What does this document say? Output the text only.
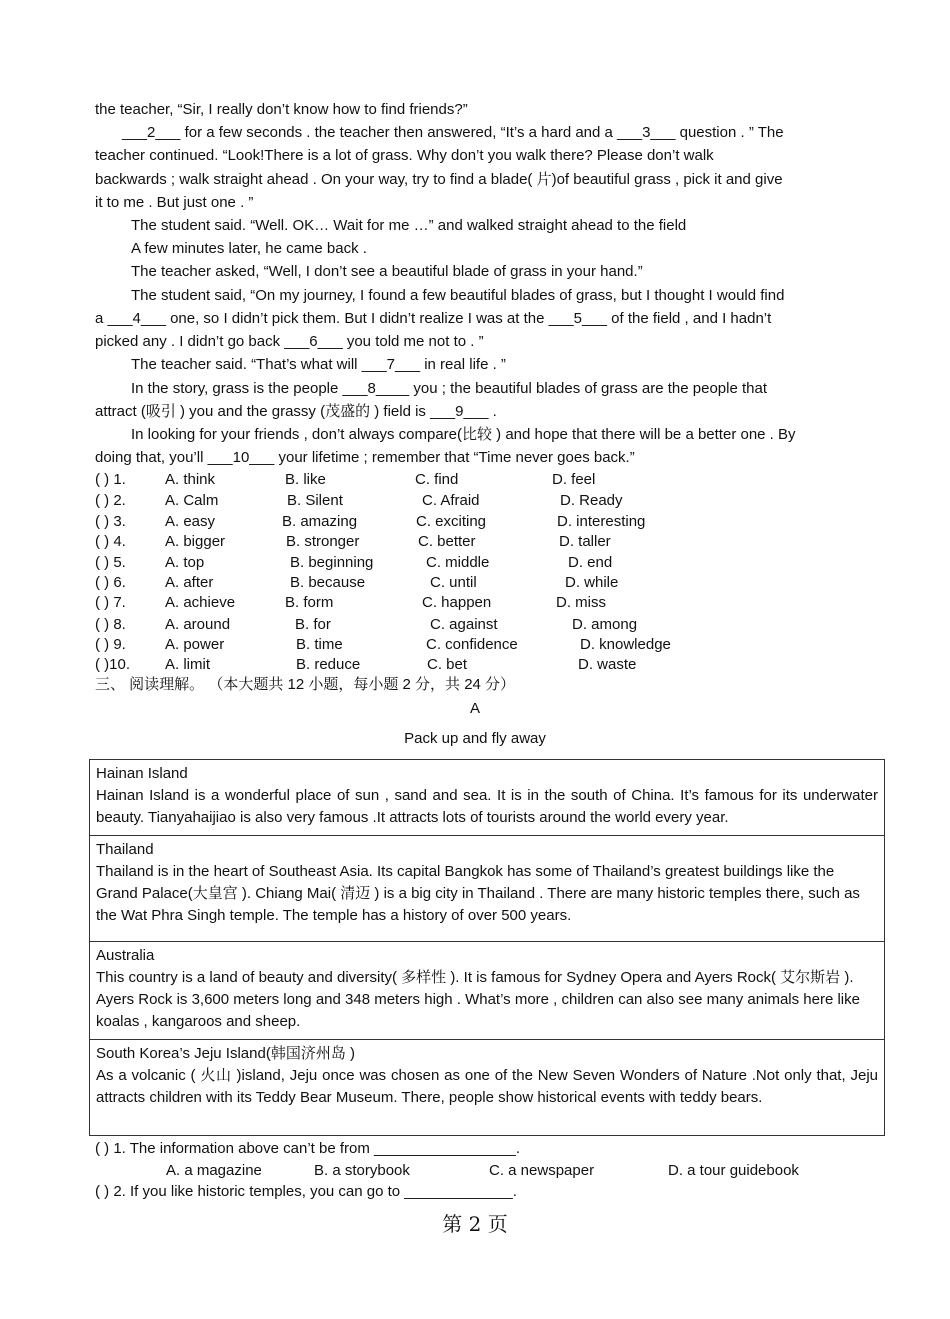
the teacher, “Sir, I really don’t know how to find friends?”
___2___ for a few seconds . the teacher then answered, “It’s a hard and a ___3___ question . ” The
teacher continued. “Look!There is a lot of grass. Why don’t you walk there? Please don’t walk
backwards ; walk straight ahead . On your way, try to find a blade( 片)of beautiful grass , pick it and give
it to me . But just one . ”
The student said. “Well. OK… Wait for me …” and walked straight ahead to the field
A few minutes later, he came back .
The teacher asked, “Well, I don’t see a beautiful blade of grass in your hand.”
The student said, “On my journey, I found a few beautiful blades of grass, but I thought I would find
a ___4___ one, so I didn’t pick them. But I didn’t realize I was at the ___5___ of the field , and I hadn’t
picked any . I didn’t go back ___6___ you told me not to . ”
The teacher said. “That’s what will ___7___ in real life . ”
In the story, grass is the people ___8____ you ; the beautiful blades of grass are the people that
attract (吸引 ) you and the grassy (茂盛的 ) field is ___9___ .
In looking for your friends , don’t always compare(比较 ) and hope that there will be a better one . By
doing that, you’ll ___10___ your lifetime ; remember that “Time never goes back.”
( ) 1.	A. think	B. like	C. find	D. feel
( ) 2.	A. Calm	B. Silent	C. Afraid	D. Ready
( ) 3.	A. easy	B. amazing	C. exciting	D. interesting
( ) 4.	A. bigger	B. stronger	C. better	D. taller
( ) 5.	A. top	B. beginning	C. middle	D. end
( ) 6.	A. after	B. because	C. until	D. while
( ) 7.	A. achieve	B. form	C. happen	D. miss
( ) 8.	A. around	B. for	C. against	D. among
( ) 9.	A. power	B. time	C. confidence	D. knowledge
( )10. A. limit	B. reduce	C. bet	D. waste
三、 阅读理解。 （本大题共 12 小题，每小题 2 分，共 24 分）
A
Pack up and fly away
Hainan Island
Hainan Island is a wonderful place of sun , sand and sea. It is in the south of China. It’s famous for its underwater beauty. Tianyahaijiao is also very famous .It attracts lots of tourists around the world every year.

Thailand
Thailand is in the heart of Southeast Asia. Its capital Bangkok has some of Thailand’s greatest buildings like the Grand Palace(大皇宫 ). Chiang Mai( 清迈 ) is a big city in Thailand . There are many historic temples there, such as the Wat Phra Singh temple. The temple has a history of over 500 years.

Australia
This country is a land of beauty and diversity( 多样性 ). It is famous for Sydney Opera and Ayers Rock( 艾尔斯岩 ). Ayers Rock is 3,600 meters long and 348 meters high . What’s more , children can also see many animals here like koalas , kangaroos and sheep.

South Korea’s Jeju Island(韩国济州岛 )
As a volcanic ( 火山 )island, Jeju once was chosen as one of the New Seven Wonders of Nature .Not only that, Jeju attracts children with its Teddy Bear Museum. There, people show historical events with teddy bears.
( ) 1. The information above can’t be from _________________.
A. a magazine	B. a storybook	C. a newspaper	D. a tour guidebook
( ) 2. If you like historic temples, you can go to _____________.
第 2 页
